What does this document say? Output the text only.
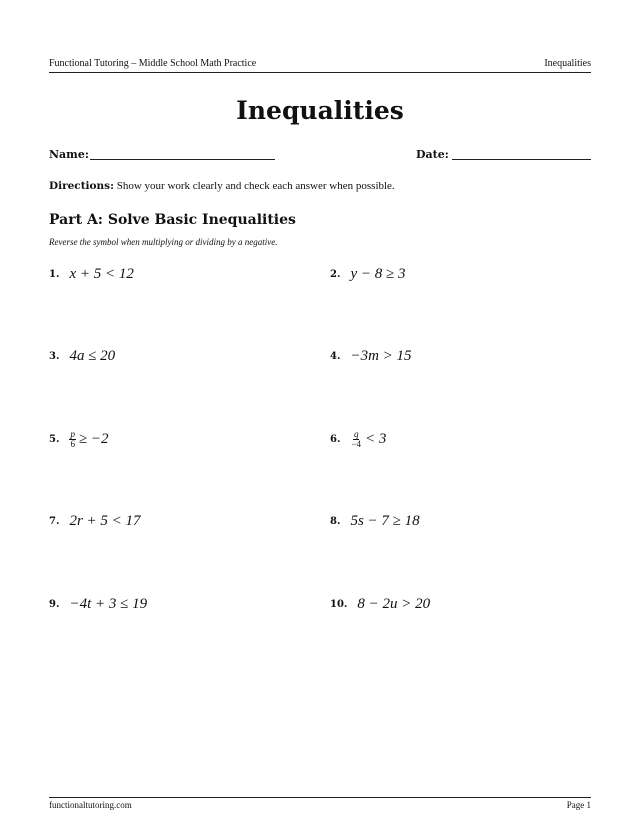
Functional Tutoring – Middle School Math Practice	Inequalities
Inequalities
Name:	Date:
Directions: Show your work clearly and check each answer when possible.
Part A: Solve Basic Inequalities
Reverse the symbol when multiplying or dividing by a negative.
1. x + 5 < 12	2. y − 8 ≥ 3
3. 4a ≤ 20	4. −3m > 15
5. $\frac{p}{6} \ge -2$	6. $\frac{q}{-4} < 3$
7. 2r + 5 < 17	8. 5s − 7 ≥ 18
9. −4t + 3 ≤ 19	10. 8 − 2u > 20
functionaltutoring.com	Page 1
